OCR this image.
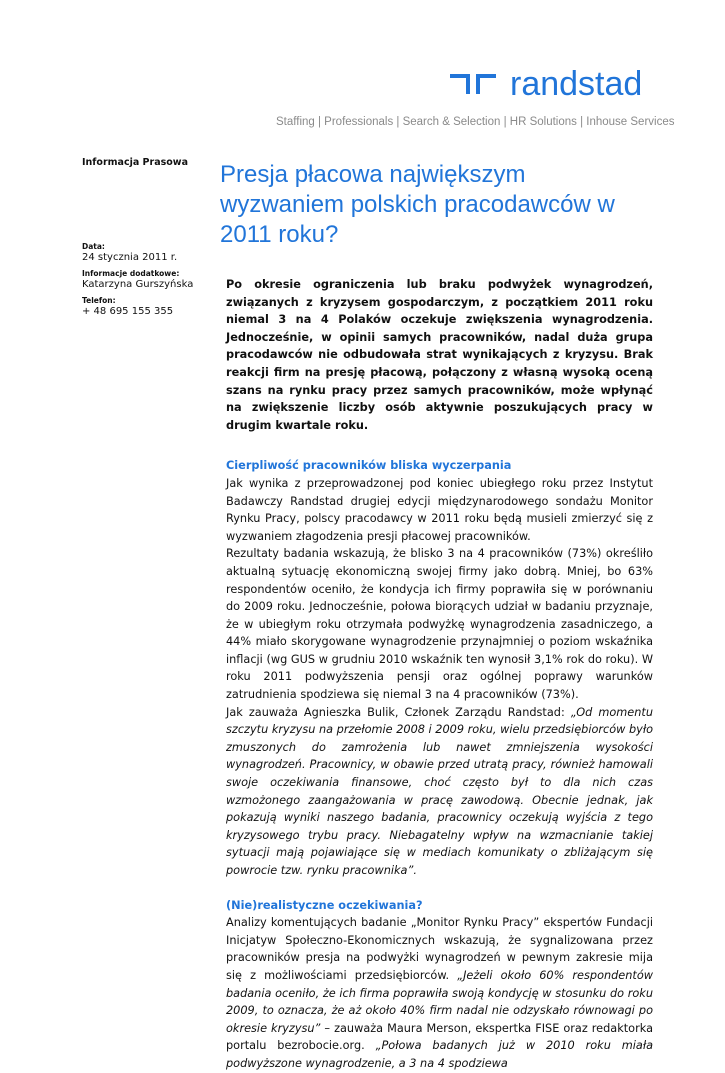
randstad
Staffing | Professionals | Search & Selection | HR Solutions | Inhouse Services
Informacja Prasowa
Data:
24 stycznia 2011 r.
Informacje dodatkowe:
Katarzyna Gurszyńska
Telefon:
+ 48 695 155 355
Presja płacowa największym wyzwaniem polskich pracodawców w 2011 roku?

Po okresie ograniczenia lub braku podwyżek wynagrodzeń, związanych z kryzysem gospodarczym, z początkiem 2011 roku niemal 3 na 4 Polaków oczekuje zwiększenia wynagrodzenia. Jednocześnie, w opinii samych pracowników, nadal duża grupa pracodawców nie odbudowała strat wynikających z kryzysu. Brak reakcji firm na presję płacową, połączony z własną wysoką oceną szans na rynku pracy przez samych pracowników, może wpłynąć na zwiększenie liczby osób aktywnie poszukujących pracy w drugim kwartale roku.

Cierpliwość pracowników bliska wyczerpania

Jak wynika z przeprowadzonej pod koniec ubiegłego roku przez Instytut Badawczy Randstad drugiej edycji międzynarodowego sondażu Monitor Rynku Pracy, polscy pracodawcy w 2011 roku będą musieli zmierzyć się z wyzwaniem złagodzenia presji płacowej pracowników.

Rezultaty badania wskazują, że blisko 3 na 4 pracowników (73%) określiło aktualną sytuację ekonomiczną swojej firmy jako dobrą. Mniej, bo 63% respondentów oceniło, że kondycja ich firmy poprawiła się w porównaniu do 2009 roku. Jednocześnie, połowa biorących udział w badaniu przyznaje, że w ubiegłym roku otrzymała podwyżkę wynagrodzenia zasadniczego, a 44% miało skorygowane wynagrodzenie przynajmniej o poziom wskaźnika inflacji (wg GUS w grudniu 2010 wskaźnik ten wynosił 3,1% rok do roku). W roku 2011 podwyższenia pensji oraz ogólnej poprawy warunków zatrudnienia spodziewa się niemal 3 na 4 pracowników (73%).

Jak zauważa Agnieszka Bulik, Członek Zarządu Randstad: „Od momentu szczytu kryzysu na przełomie 2008 i 2009 roku, wielu przedsiębiorców było zmuszonych do zamrożenia lub nawet zmniejszenia wysokości wynagrodzeń. Pracownicy, w obawie przed utratą pracy, również hamowali swoje oczekiwania finansowe, choć często był to dla nich czas wzmożonego zaangażowania w pracę zawodową. Obecnie jednak, jak pokazują wyniki naszego badania, pracownicy oczekują wyjścia z tego kryzysowego trybu pracy. Niebagatelny wpływ na wzmacnianie takiej sytuacji mają pojawiające się w mediach komunikaty o zbliżającym się powrocie tzw. rynku pracownika”.

(Nie)realistyczne oczekiwania?

Analizy komentujących badanie „Monitor Rynku Pracy” ekspertów Fundacji Inicjatyw Społeczno-Ekonomicznych wskazują, że sygnalizowana przez pracowników presja na podwyżki wynagrodzeń w pewnym zakresie mija się z możliwościami przedsiębiorców. „Jeżeli około 60% respondentów badania oceniło, że ich firma poprawiła swoją kondycję w stosunku do roku 2009, to oznacza, że aż około 40% firm nadal nie odzyskało równowagi po okresie kryzysu” – zauważa Maura Merson, ekspertka FISE oraz redaktorka portalu bezrobocie.org. „Połowa badanych już w 2010 roku miała podwyższone wynagrodzenie, a 3 na 4 spodziewa
